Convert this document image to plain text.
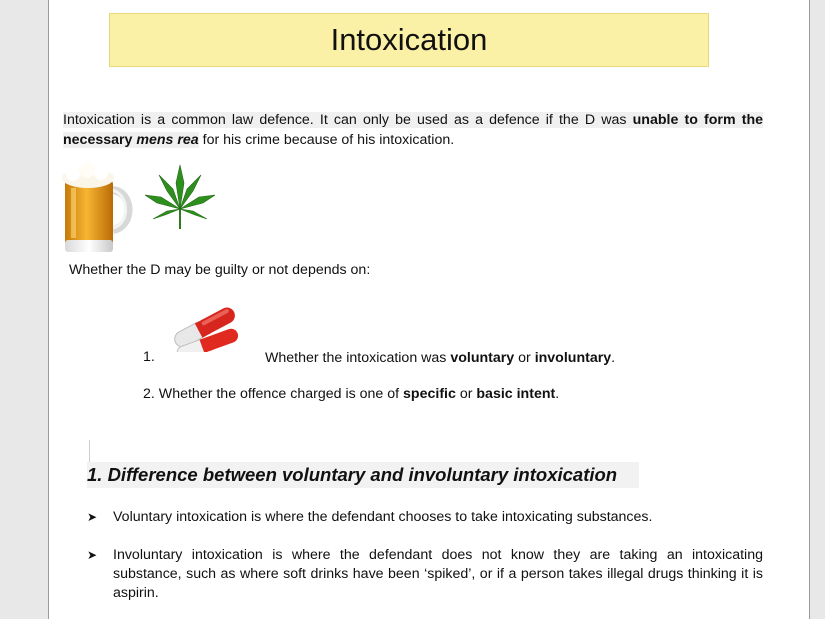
Intoxication
Intoxication is a common law defence. It can only be used as a defence if the D was unable to form the necessary mens rea for his crime because of his intoxication.
Whether the D may be guilty or not depends on:
1.	Whether the intoxication was voluntary or involuntary.
2. Whether the offence charged is one of specific or basic intent.
1. Difference between voluntary and involuntary intoxication
➤ Voluntary intoxication is where the defendant chooses to take intoxicating substances.
➤ Involuntary intoxication is where the defendant does not know they are taking an intoxicating substance, such as where soft drinks have been ‘spiked’, or if a person takes illegal drugs thinking it is aspirin.
